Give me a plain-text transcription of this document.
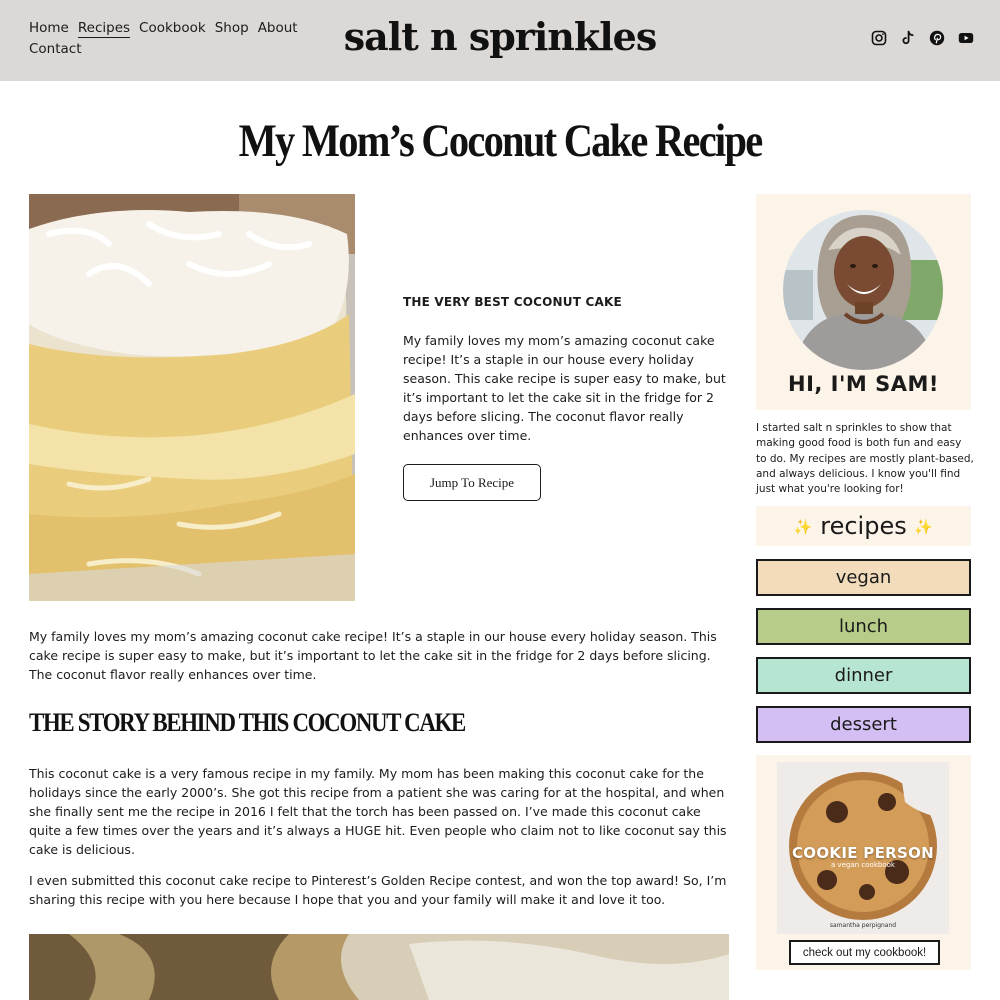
Home Recipes Cookbook Shop AboutContact	salt n sprinkles
My Mom’s Coconut Cake Recipe
THE VERY BEST COCONUT CAKE

My family loves my mom’s amazing coconut cake recipe! It’s a staple in our house every holiday season. This cake recipe is super easy to make, but it’s important to let the cake sit in the fridge for 2 days before slicing. The coconut flavor really enhances over time.

Jump To Recipe

My family loves my mom’s amazing coconut cake recipe! It’s a staple in our house every holiday season. This cake recipe is super easy to make, but it’s important to let the cake sit in the fridge for 2 days before slicing. The coconut flavor really enhances over time.

THE STORY BEHIND THIS COCONUT CAKE

This coconut cake is a very famous recipe in my family. My mom has been making this coconut cake for the holidays since the early 2000’s. She got this recipe from a patient she was caring for at the hospital, and when she finally sent me the recipe in 2016 I felt that the torch has been passed on. I’ve made this coconut cake quite a few times over the years and it’s always a HUGE hit. Even people who claim not to like coconut say this cake is delicious.

I even submitted this coconut cake recipe to Pinterest’s Golden Recipe contest, and won the top award! So, I’m sharing this recipe with you here because I hope that you and your family will make it and love it too.

HI, I'M SAM!

I started salt n sprinkles to show that making good food is both fun and easy to do. My recipes are mostly plant-based, and always delicious. I know you'll find just what you're looking for!

✨ recipes ✨
vegan
lunch
dinner
dessert
COOKIE PERSON
a vegan cookbook
samantha perpignand
check out my cookbook!
